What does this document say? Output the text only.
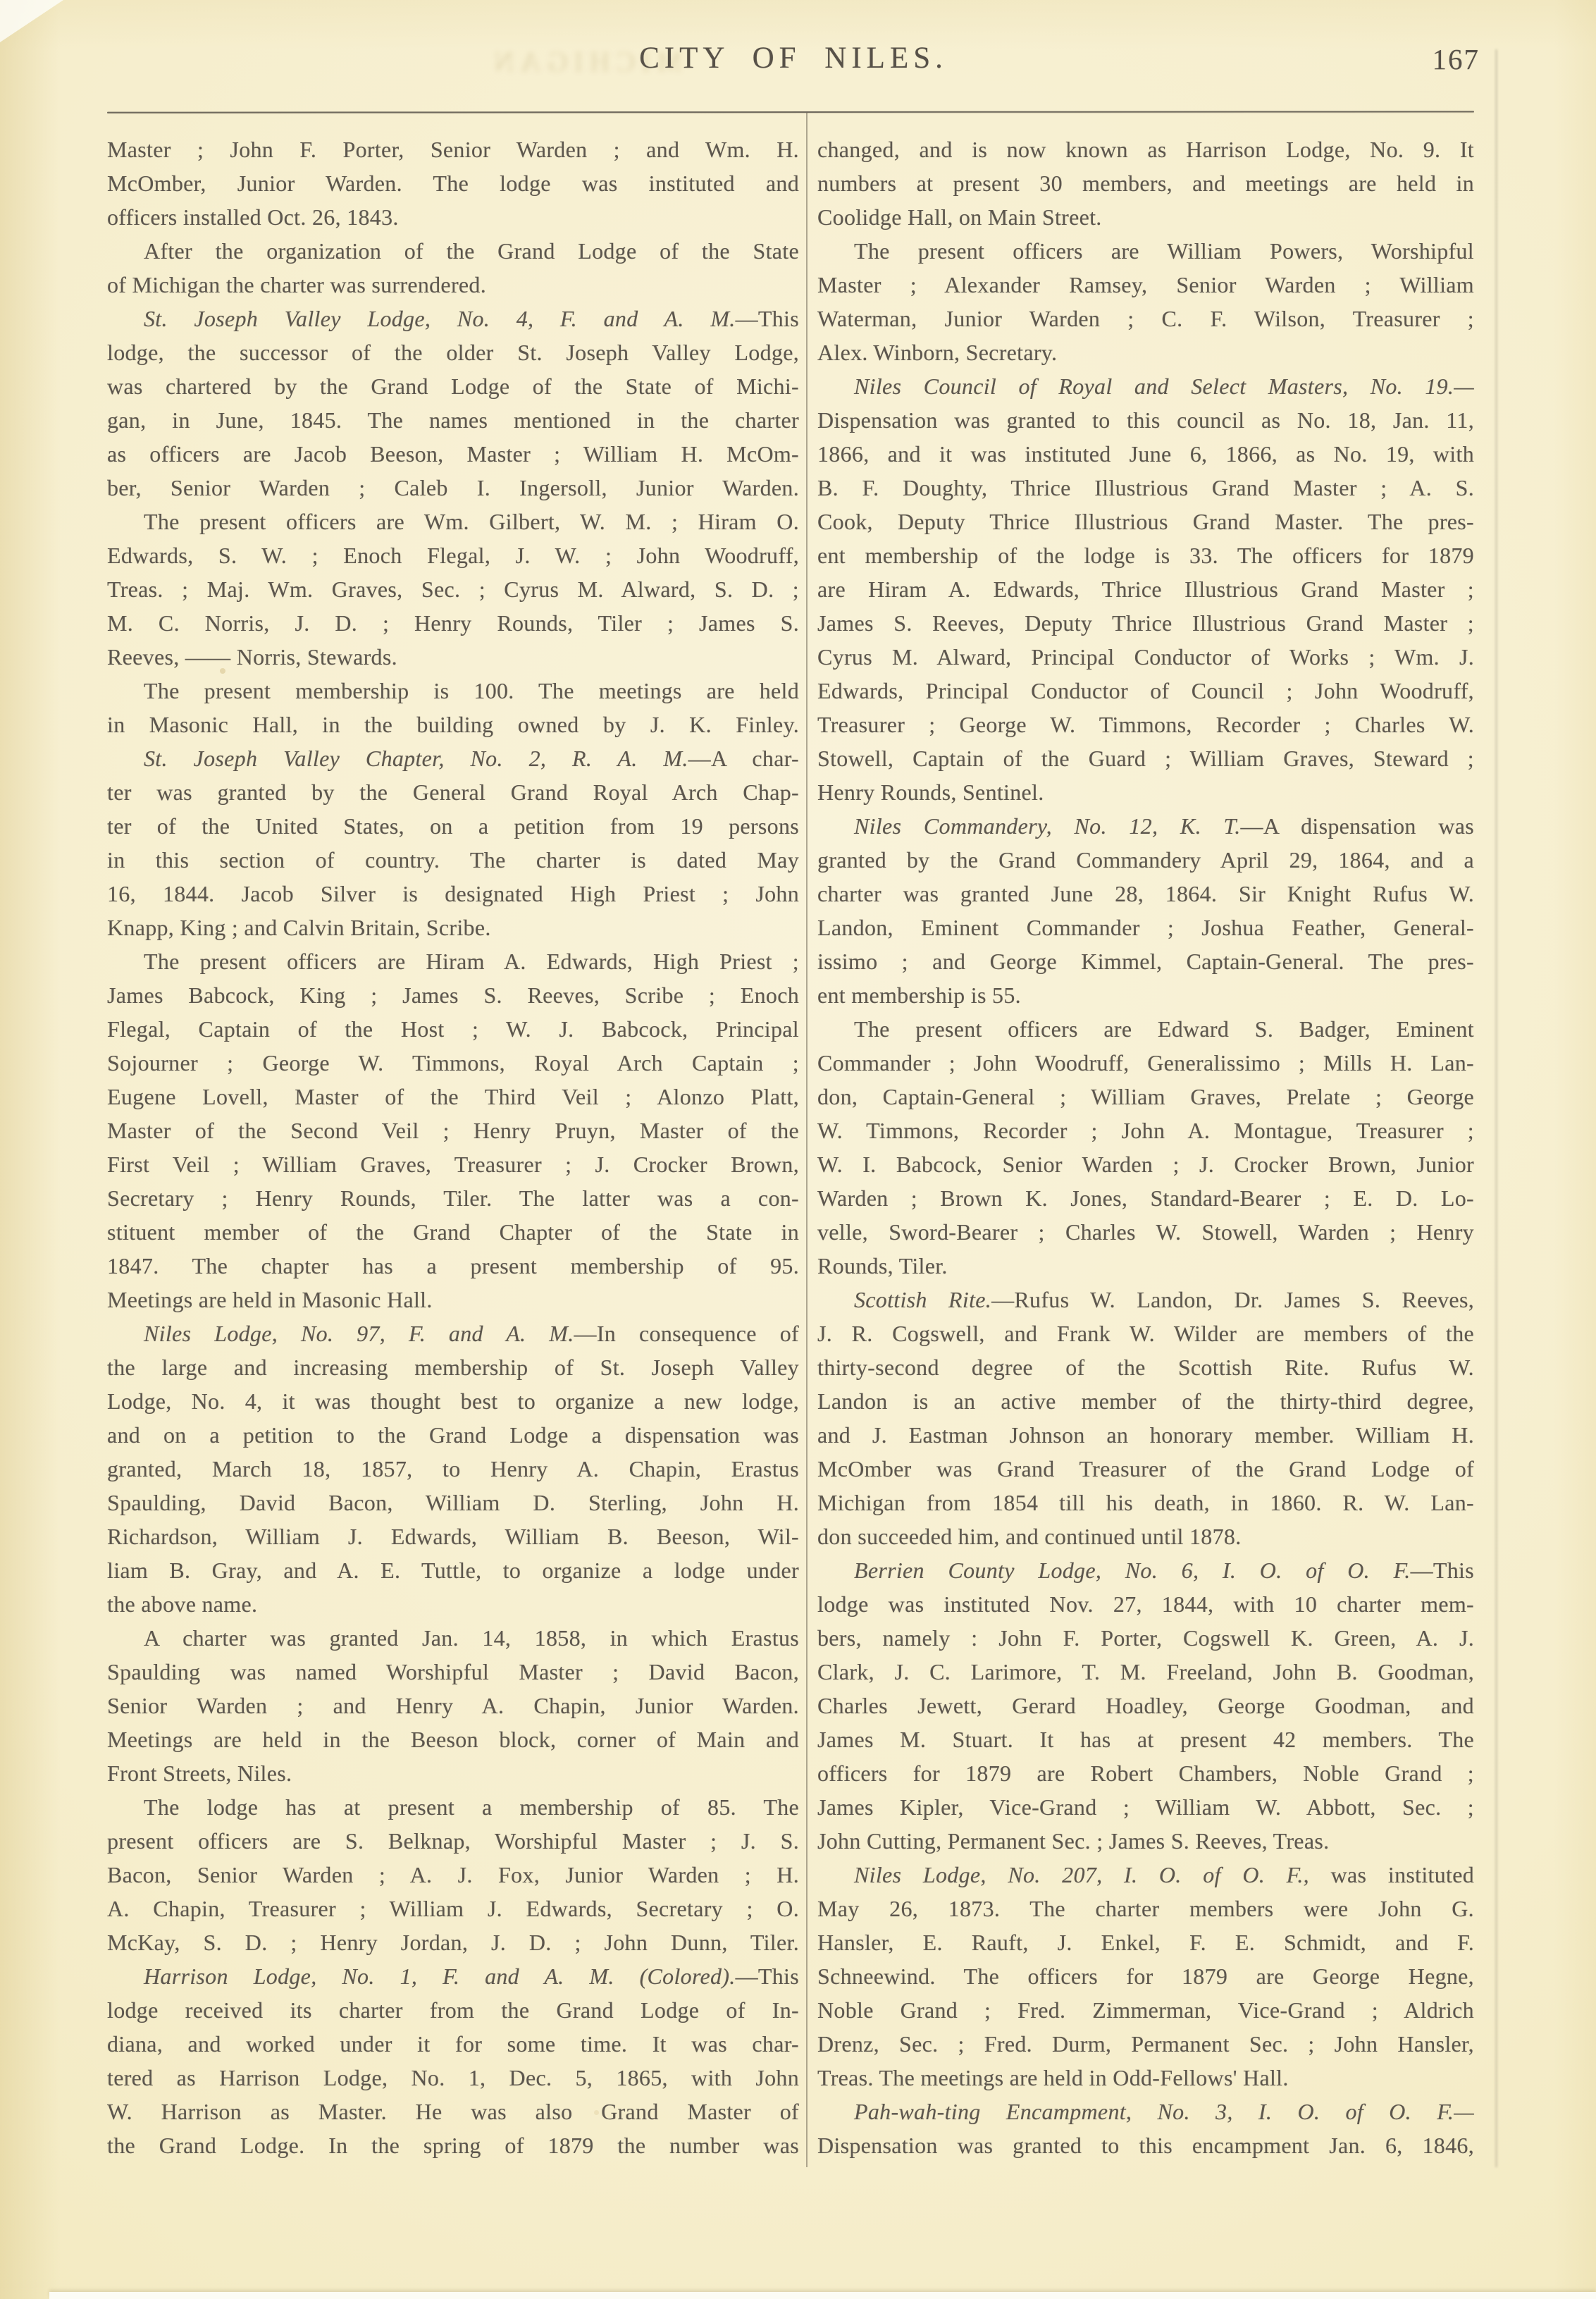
MICHIGAN
CITY OF NILES.	167
Master ; John F. Porter, Senior Warden ; and Wm. H.
McOmber, Junior Warden. The lodge was instituted and
officers installed Oct. 26, 1843.
After the organization of the Grand Lodge of the State
of Michigan the charter was surrendered.
St. Joseph Valley Lodge, No. 4, F. and A. M.—This
lodge, the successor of the older St. Joseph Valley Lodge,
was chartered by the Grand Lodge of the State of Michi-
gan, in June, 1845. The names mentioned in the charter
as officers are Jacob Beeson, Master ; William H. McOm-
ber, Senior Warden ; Caleb I. Ingersoll, Junior Warden.
The present officers are Wm. Gilbert, W. M. ; Hiram O.
Edwards, S. W. ; Enoch Flegal, J. W. ; John Woodruff,
Treas. ; Maj. Wm. Graves, Sec. ; Cyrus M. Alward, S. D. ;
M. C. Norris, J. D. ; Henry Rounds, Tiler ; James S.
Reeves, —— Norris, Stewards.
The present membership is 100. The meetings are held
in Masonic Hall, in the building owned by J. K. Finley.
St. Joseph Valley Chapter, No. 2, R. A. M.—A char-
ter was granted by the General Grand Royal Arch Chap-
ter of the United States, on a petition from 19 persons
in this section of country. The charter is dated May
16, 1844. Jacob Silver is designated High Priest ; John
Knapp, King ; and Calvin Britain, Scribe.
The present officers are Hiram A. Edwards, High Priest ;
James Babcock, King ; James S. Reeves, Scribe ; Enoch
Flegal, Captain of the Host ; W. J. Babcock, Principal
Sojourner ; George W. Timmons, Royal Arch Captain ;
Eugene Lovell, Master of the Third Veil ; Alonzo Platt,
Master of the Second Veil ; Henry Pruyn, Master of the
First Veil ; William Graves, Treasurer ; J. Crocker Brown,
Secretary ; Henry Rounds, Tiler. The latter was a con-
stituent member of the Grand Chapter of the State in
1847. The chapter has a present membership of 95.
Meetings are held in Masonic Hall.
Niles Lodge, No. 97, F. and A. M.—In consequence of
the large and increasing membership of St. Joseph Valley
Lodge, No. 4, it was thought best to organize a new lodge,
and on a petition to the Grand Lodge a dispensation was
granted, March 18, 1857, to Henry A. Chapin, Erastus
Spaulding, David Bacon, William D. Sterling, John H.
Richardson, William J. Edwards, William B. Beeson, Wil-
liam B. Gray, and A. E. Tuttle, to organize a lodge under
the above name.
A charter was granted Jan. 14, 1858, in which Erastus
Spaulding was named Worshipful Master ; David Bacon,
Senior Warden ; and Henry A. Chapin, Junior Warden.
Meetings are held in the Beeson block, corner of Main and
Front Streets, Niles.
The lodge has at present a membership of 85. The
present officers are S. Belknap, Worshipful Master ; J. S.
Bacon, Senior Warden ; A. J. Fox, Junior Warden ; H.
A. Chapin, Treasurer ; William J. Edwards, Secretary ; O.
McKay, S. D. ; Henry Jordan, J. D. ; John Dunn, Tiler.
Harrison Lodge, No. 1, F. and A. M. (Colored).—This
lodge received its charter from the Grand Lodge of In-
diana, and worked under it for some time. It was char-
tered as Harrison Lodge, No. 1, Dec. 5, 1865, with John
W. Harrison as Master. He was also Grand Master of
the Grand Lodge. In the spring of 1879 the number was
changed, and is now known as Harrison Lodge, No. 9. It
numbers at present 30 members, and meetings are held in
Coolidge Hall, on Main Street.
The present officers are William Powers, Worshipful
Master ; Alexander Ramsey, Senior Warden ; William
Waterman, Junior Warden ; C. F. Wilson, Treasurer ;
Alex. Winborn, Secretary.
Niles Council of Royal and Select Masters, No. 19.—
Dispensation was granted to this council as No. 18, Jan. 11,
1866, and it was instituted June 6, 1866, as No. 19, with
B. F. Doughty, Thrice Illustrious Grand Master ; A. S.
Cook, Deputy Thrice Illustrious Grand Master. The pres-
ent membership of the lodge is 33. The officers for 1879
are Hiram A. Edwards, Thrice Illustrious Grand Master ;
James S. Reeves, Deputy Thrice Illustrious Grand Master ;
Cyrus M. Alward, Principal Conductor of Works ; Wm. J.
Edwards, Principal Conductor of Council ; John Woodruff,
Treasurer ; George W. Timmons, Recorder ; Charles W.
Stowell, Captain of the Guard ; William Graves, Steward ;
Henry Rounds, Sentinel.
Niles Commandery, No. 12, K. T.—A dispensation was
granted by the Grand Commandery April 29, 1864, and a
charter was granted June 28, 1864. Sir Knight Rufus W.
Landon, Eminent Commander ; Joshua Feather, General-
issimo ; and George Kimmel, Captain-General. The pres-
ent membership is 55.
The present officers are Edward S. Badger, Eminent
Commander ; John Woodruff, Generalissimo ; Mills H. Lan-
don, Captain-General ; William Graves, Prelate ; George
W. Timmons, Recorder ; John A. Montague, Treasurer ;
W. I. Babcock, Senior Warden ; J. Crocker Brown, Junior
Warden ; Brown K. Jones, Standard-Bearer ; E. D. Lo-
velle, Sword-Bearer ; Charles W. Stowell, Warden ; Henry
Rounds, Tiler.
Scottish Rite.—Rufus W. Landon, Dr. James S. Reeves,
J. R. Cogswell, and Frank W. Wilder are members of the
thirty-second degree of the Scottish Rite. Rufus W.
Landon is an active member of the thirty-third degree,
and J. Eastman Johnson an honorary member. William H.
McOmber was Grand Treasurer of the Grand Lodge of
Michigan from 1854 till his death, in 1860. R. W. Lan-
don succeeded him, and continued until 1878.
Berrien County Lodge, No. 6, I. O. of O. F.—This
lodge was instituted Nov. 27, 1844, with 10 charter mem-
bers, namely : John F. Porter, Cogswell K. Green, A. J.
Clark, J. C. Larimore, T. M. Freeland, John B. Goodman,
Charles Jewett, Gerard Hoadley, George Goodman, and
James M. Stuart. It has at present 42 members. The
officers for 1879 are Robert Chambers, Noble Grand ;
James Kipler, Vice-Grand ; William W. Abbott, Sec. ;
John Cutting, Permanent Sec. ; James S. Reeves, Treas.
Niles Lodge, No. 207, I. O. of O. F., was instituted
May 26, 1873. The charter members were John G.
Hansler, E. Rauft, J. Enkel, F. E. Schmidt, and F.
Schneewind. The officers for 1879 are George Hegne,
Noble Grand ; Fred. Zimmerman, Vice-Grand ; Aldrich
Drenz, Sec. ; Fred. Durm, Permanent Sec. ; John Hansler,
Treas. The meetings are held in Odd-Fellows' Hall.
Pah-wah-ting Encampment, No. 3, I. O. of O. F.—
Dispensation was granted to this encampment Jan. 6, 1846,
